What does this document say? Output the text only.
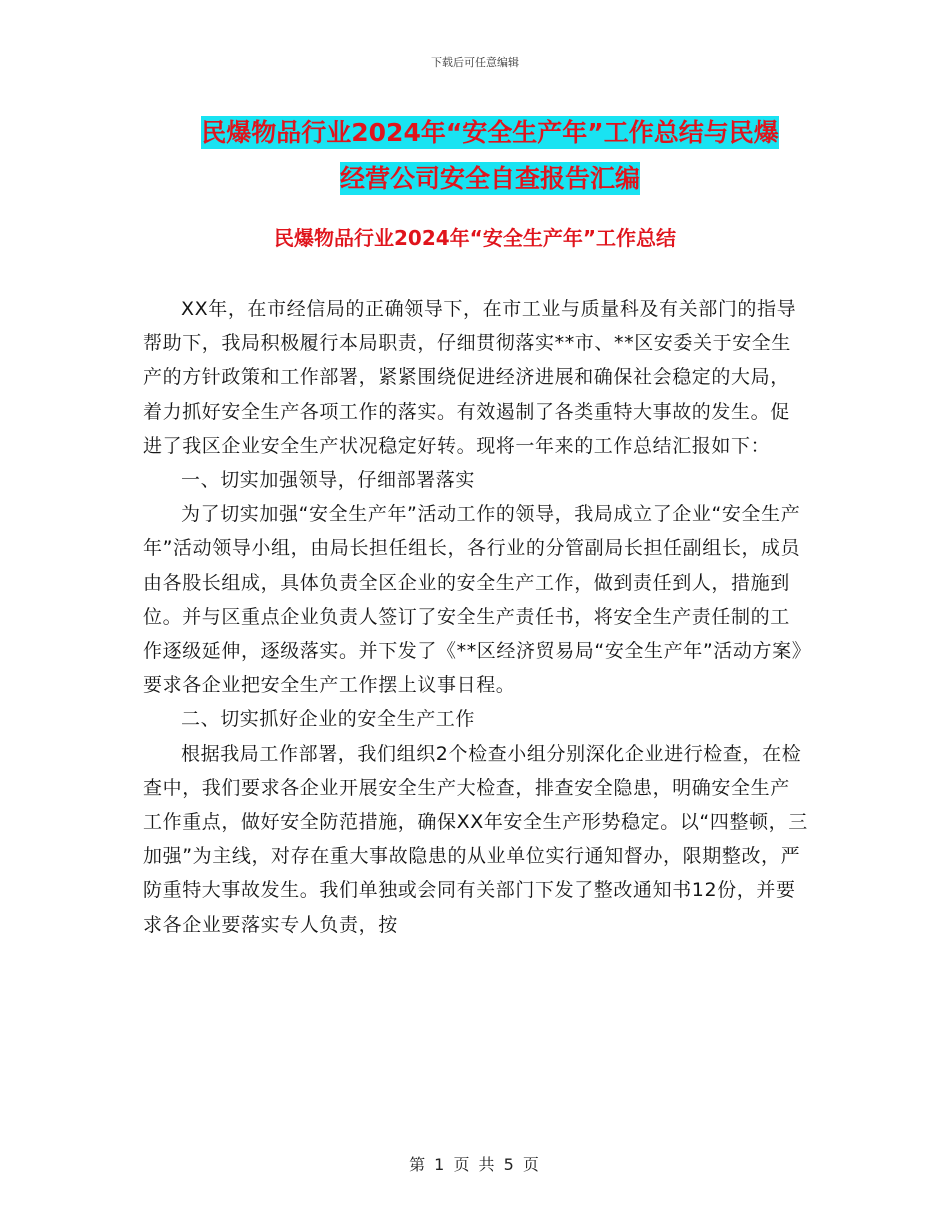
下载后可任意编辑
民爆物品行业2024年“安全生产年”工作总结与民爆
经营公司安全自查报告汇编
民爆物品行业2024年“安全生产年”工作总结

XX年，在市经信局的正确领导下，在市工业与质量科及有关部门的指导帮助下，我局积极履行本局职责，仔细贯彻落实**市、**区安委关于安全生产的方针政策和工作部署，紧紧围绕促进经济进展和确保社会稳定的大局，着力抓好安全生产各项工作的落实。有效遏制了各类重特大事故的发生。促进了我区企业安全生产状况稳定好转。现将一年来的工作总结汇报如下：

一、切实加强领导，仔细部署落实

为了切实加强“安全生产年”活动工作的领导，我局成立了企业“安全生产年”活动领导小组，由局长担任组长，各行业的分管副局长担任副组长，成员由各股长组成，具体负责全区企业的安全生产工作，做到责任到人，措施到位。并与区重点企业负责人签订了安全生产责任书，将安全生产责任制的工作逐级延伸，逐级落实。并下发了《**区经济贸易局“安全生产年”活动方案》要求各企业把安全生产工作摆上议事日程。

二、切实抓好企业的安全生产工作

根据我局工作部署，我们组织2个检查小组分别深化企业进行检查，在检查中，我们要求各企业开展安全生产大检查，排查安全隐患，明确安全生产工作重点，做好安全防范措施，确保XX年安全生产形势稳定。以“四整顿，三加强”为主线，对存在重大事故隐患的从业单位实行通知督办，限期整改，严防重特大事故发生。我们单独或会同有关部门下发了整改通知书12份，并要求各企业要落实专人负责，按

第 1 页 共 5 页
